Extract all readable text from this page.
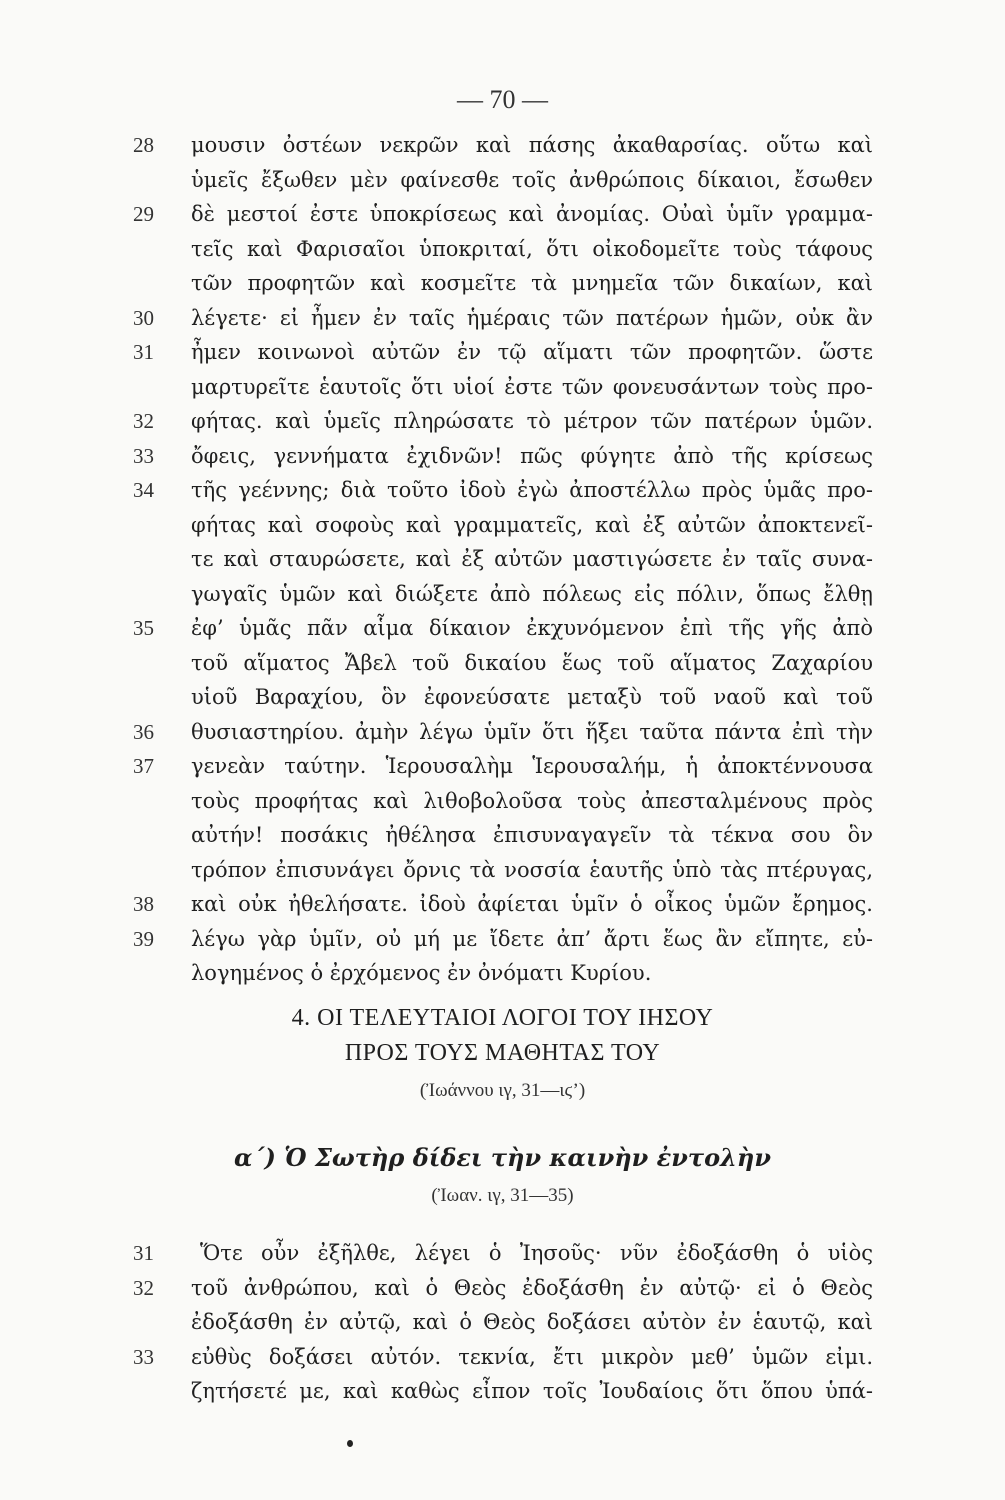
— 70 —
28	μουσιν ὀστέων νεκρῶν καὶ πάσης ἀκαθαρσίας. οὕτω καὶ
ὑμεῖς ἔξωθεν μὲν φαίνεσθε τοῖς ἀνθρώποις δίκαιοι, ἔσωθεν
29	δὲ μεστοί ἐστε ὑποκρίσεως καὶ ἀνομίας. Οὐαὶ ὑμῖν γραμμα-
τεῖς καὶ Φαρισαῖοι ὑποκριταί, ὅτι οἰκοδομεῖτε τοὺς τάφους
τῶν προφητῶν καὶ κοσμεῖτε τὰ μνημεῖα τῶν δικαίων, καὶ
30	λέγετε· εἰ ἦμεν ἐν ταῖς ἡμέραις τῶν πατέρων ἡμῶν, οὐκ ἂν
31	ἦμεν κοινωνοὶ αὐτῶν ἐν τῷ αἵματι τῶν προφητῶν. ὥστε
μαρτυρεῖτε ἑαυτοῖς ὅτι υἱοί ἐστε τῶν φονευσάντων τοὺς προ-
32	φήτας. καὶ ὑμεῖς πληρώσατε τὸ μέτρον τῶν πατέρων ὑμῶν.
33	ὄφεις, γεννήματα ἐχιδνῶν! πῶς φύγητε ἀπὸ τῆς κρίσεως
34	τῆς γεέννης; διὰ τοῦτο ἰδοὺ ἐγὼ ἀποστέλλω πρὸς ὑμᾶς προ-
φήτας καὶ σοφοὺς καὶ γραμματεῖς, καὶ ἐξ αὐτῶν ἀποκτενεῖ-
τε καὶ σταυρώσετε, καὶ ἐξ αὐτῶν μαστιγώσετε ἐν ταῖς συνα-
γωγαῖς ὑμῶν καὶ διώξετε ἀπὸ πόλεως εἰς πόλιν, ὅπως ἔλθῃ
35	ἐφ’ ὑμᾶς πᾶν αἷμα δίκαιον ἐκχυνόμενον ἐπὶ τῆς γῆς ἀπὸ
τοῦ αἵματος Ἄβελ τοῦ δικαίου ἕως τοῦ αἵματος Ζαχαρίου
υἱοῦ Βαραχίου, ὃν ἐφονεύσατε μεταξὺ τοῦ ναοῦ καὶ τοῦ
36	θυσιαστηρίου. ἀμὴν λέγω ὑμῖν ὅτι ἥξει ταῦτα πάντα ἐπὶ τὴν
37	γενεὰν ταύτην. Ἱερουσαλὴμ Ἱερουσαλήμ, ἡ ἀποκτέννουσα
τοὺς προφήτας καὶ λιθοβολοῦσα τοὺς ἀπεσταλμένους πρὸς
αὐτήν! ποσάκις ἠθέλησα ἐπισυναγαγεῖν τὰ τέκνα σου ὃν
τρόπον ἐπισυνάγει ὄρνις τὰ νοσσία ἑαυτῆς ὑπὸ τὰς πτέρυγας,
38	καὶ οὐκ ἠθελήσατε. ἰδοὺ ἀφίεται ὑμῖν ὁ οἶκος ὑμῶν ἔρημος.
39	λέγω γὰρ ὑμῖν, οὐ μή με ἴδετε ἀπ’ ἄρτι ἕως ἂν εἴπητε, εὐ-
λογημένος ὁ ἐρχόμενος ἐν ὀνόματι Κυρίου.
4. ΟΙ ΤΕΛΕΥΤΑΙΟΙ ΛΟΓΟΙ ΤΟΥ ΙΗΣΟΥ
ΠΡΟΣ ΤΟΥΣ ΜΑΘΗΤΑΣ ΤΟΥ
(Ἰωάννου ιγ, 31—ιϛ’)
α΄) Ὁ Σωτὴρ δίδει τὴν καινὴν ἐντολὴν
(Ἰωαν. ιγ, 31—35)
31	Ὅτε οὖν ἐξῆλθε, λέγει ὁ Ἰησοῦς· νῦν ἐδοξάσθη ὁ υἱὸς
32	τοῦ ἀνθρώπου, καὶ ὁ Θεὸς ἐδοξάσθη ἐν αὐτῷ· εἰ ὁ Θεὸς
ἐδοξάσθη ἐν αὐτῷ, καὶ ὁ Θεὸς δοξάσει αὐτὸν ἐν ἑαυτῷ, καὶ
33	εὐθὺς δοξάσει αὐτόν. τεκνία, ἔτι μικρὸν μεθ’ ὑμῶν εἰμι.
ζητήσετέ με, καὶ καθὼς εἶπον τοῖς Ἰουδαίοις ὅτι ὅπου ὑπά-
